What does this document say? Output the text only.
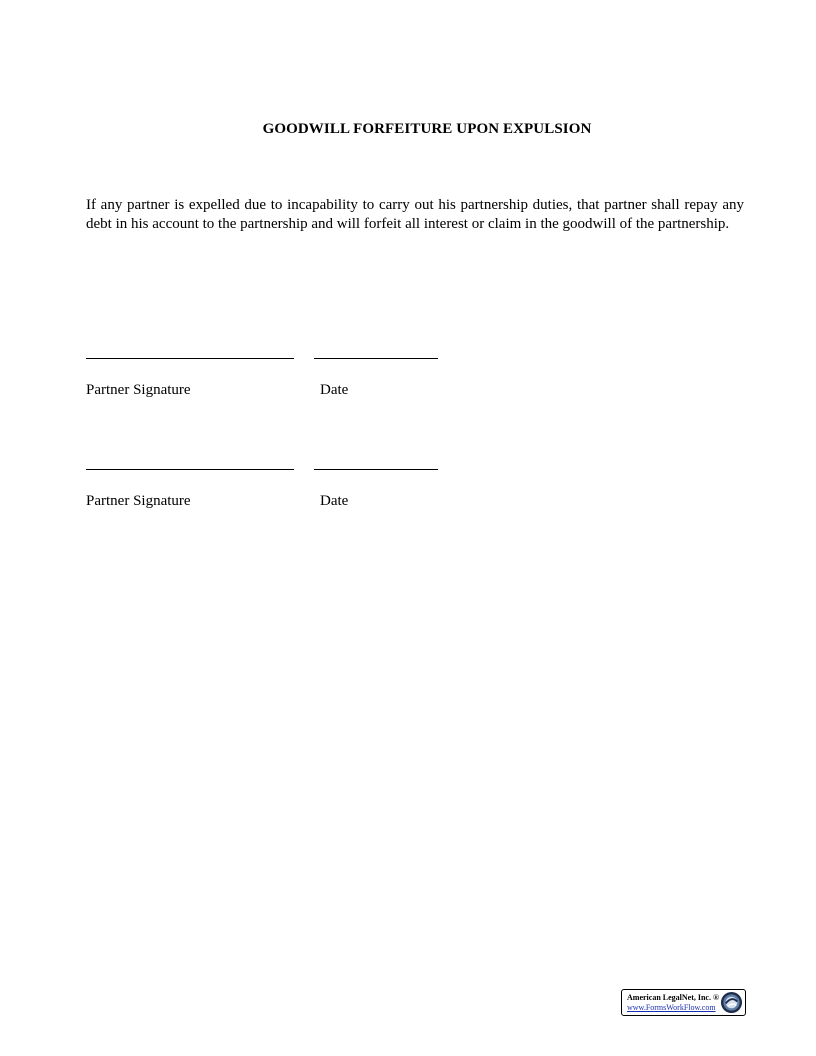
GOODWILL FORFEITURE UPON EXPULSION
If any partner is expelled due to incapability to carry out his partnership duties, that partner shall repay any debt in his account to the partnership and will forfeit all interest or claim in the goodwill of the partnership.
Partner Signature	Date
Partner Signature	Date
American LegalNet, Inc. ®
www.FormsWorkFlow.com
